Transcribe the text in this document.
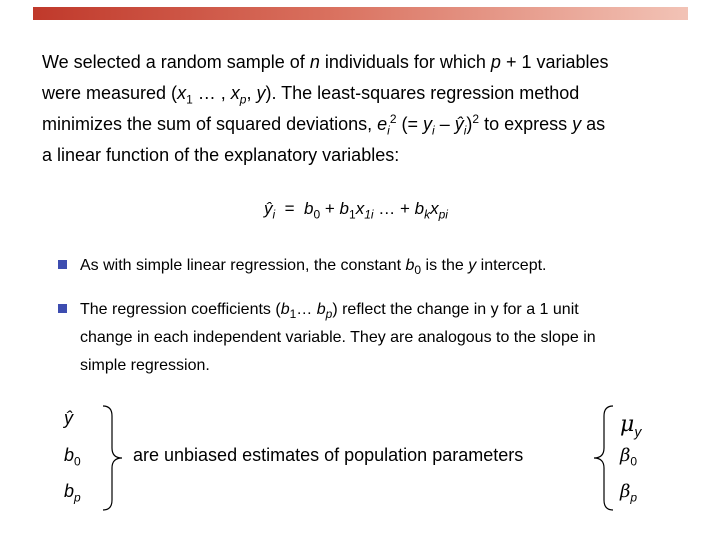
We selected a random sample of n individuals for which p + 1 variables

were measured ($x_1$ … , $x_p$, y). The least-squares regression method

minimizes the sum of squared deviations, $e_i^2$ (= $y_i$ – $ŷ_i)^2$ to express y as

a linear function of the explanatory variables:

$ŷ_i = b_0 + b_1x_{1i}$ … + $b_kx_{pi}$

As with simple linear regression, the constant $b_0$ is the y intercept.

The regression coefficients ($b_1\dots$ $b_p$) reflect the change in y for a 1 unit

change in each independent variable. They are analogous to the slope in

simple regression.

ŷ
$b_0$
$b_p$
are unbiased estimates of population parameters
$\mu_y$
$\beta_0$
$\beta_p$
